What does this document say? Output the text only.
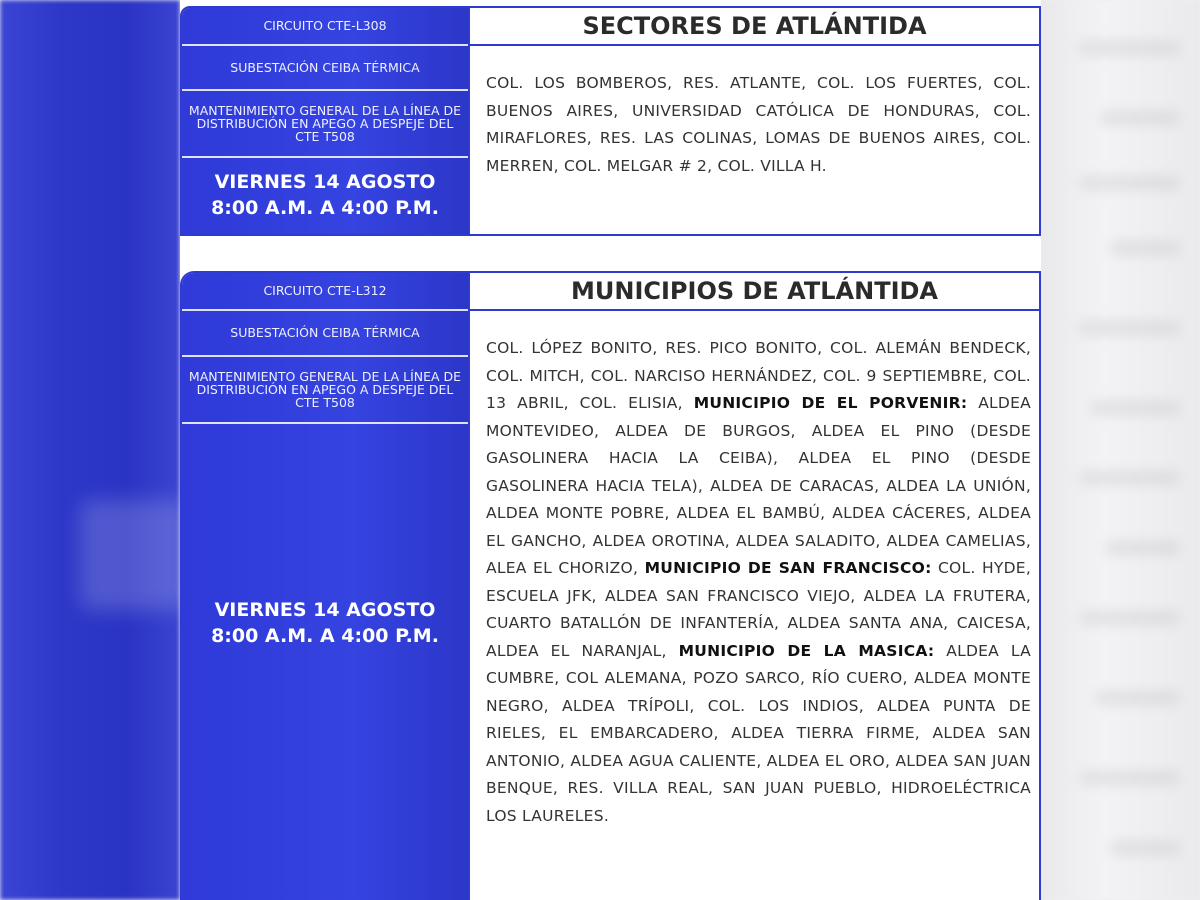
CIRCUITO CTE-L308
SUBESTACIÓN CEIBA TÉRMICA
MANTENIMIENTO GENERAL DE LA LÍNEA DE DISTRIBUCIÓN EN APEGO A DESPEJE DEL CTE T508
VIERNES 14 AGOSTO
8:00 A.M. A 4:00 P.M.
SECTORES DE ATLÁNTIDA
COL. LOS BOMBEROS, RES. ATLANTE, COL. LOS FUERTES, COL. BUENOS AIRES, UNIVERSIDAD CATÓLICA DE HONDURAS, COL. MIRAFLORES, RES. LAS COLINAS, LOMAS DE BUENOS AIRES, COL. MERREN, COL. MELGAR # 2, COL. VILLA H.
CIRCUITO CTE-L312
SUBESTACIÓN CEIBA TÉRMICA
MANTENIMIENTO GENERAL DE LA LÍNEA DE DISTRIBUCIÓN EN APEGO A DESPEJE DEL CTE T508
VIERNES 14 AGOSTO
8:00 A.M. A 4:00 P.M.
MUNICIPIOS DE ATLÁNTIDA
COL. LÓPEZ BONITO, RES. PICO BONITO, COL. ALEMÁN BENDECK, COL. MITCH, COL. NARCISO HERNÁNDEZ, COL. 9 SEPTIEMBRE, COL. 13 ABRIL, COL. ELISIA, MUNICIPIO DE EL PORVENIR: ALDEA MONTEVIDEO, ALDEA DE BURGOS, ALDEA EL PINO (DESDE GASOLINERA HACIA LA CEIBA), ALDEA EL PINO (DESDE GASOLINERA HACIA TELA), ALDEA DE CARACAS, ALDEA LA UNIÓN, ALDEA MONTE POBRE, ALDEA EL BAMBÚ, ALDEA CÁCERES, ALDEA EL GANCHO, ALDEA OROTINA, ALDEA SALADITO, ALDEA CAMELIAS, ALEA EL CHORIZO, MUNICIPIO DE SAN FRANCISCO: COL. HYDE, ESCUELA JFK, ALDEA SAN FRANCISCO VIEJO, ALDEA LA FRUTERA, CUARTO BATALLÓN DE INFANTERÍA, ALDEA SANTA ANA, CAICESA, ALDEA EL NARANJAL, MUNICIPIO DE LA MASICA: ALDEA LA CUMBRE, COL ALEMANA, POZO SARCO, RÍO CUERO, ALDEA MONTE NEGRO, ALDEA TRÍPOLI, COL. LOS INDIOS, ALDEA PUNTA DE RIELES, EL EMBARCADERO, ALDEA TIERRA FIRME, ALDEA SAN ANTONIO, ALDEA AGUA CALIENTE, ALDEA EL ORO, ALDEA SAN JUAN BENQUE, RES. VILLA REAL, SAN JUAN PUEBLO, HIDROELÉCTRICA LOS LAURELES.
